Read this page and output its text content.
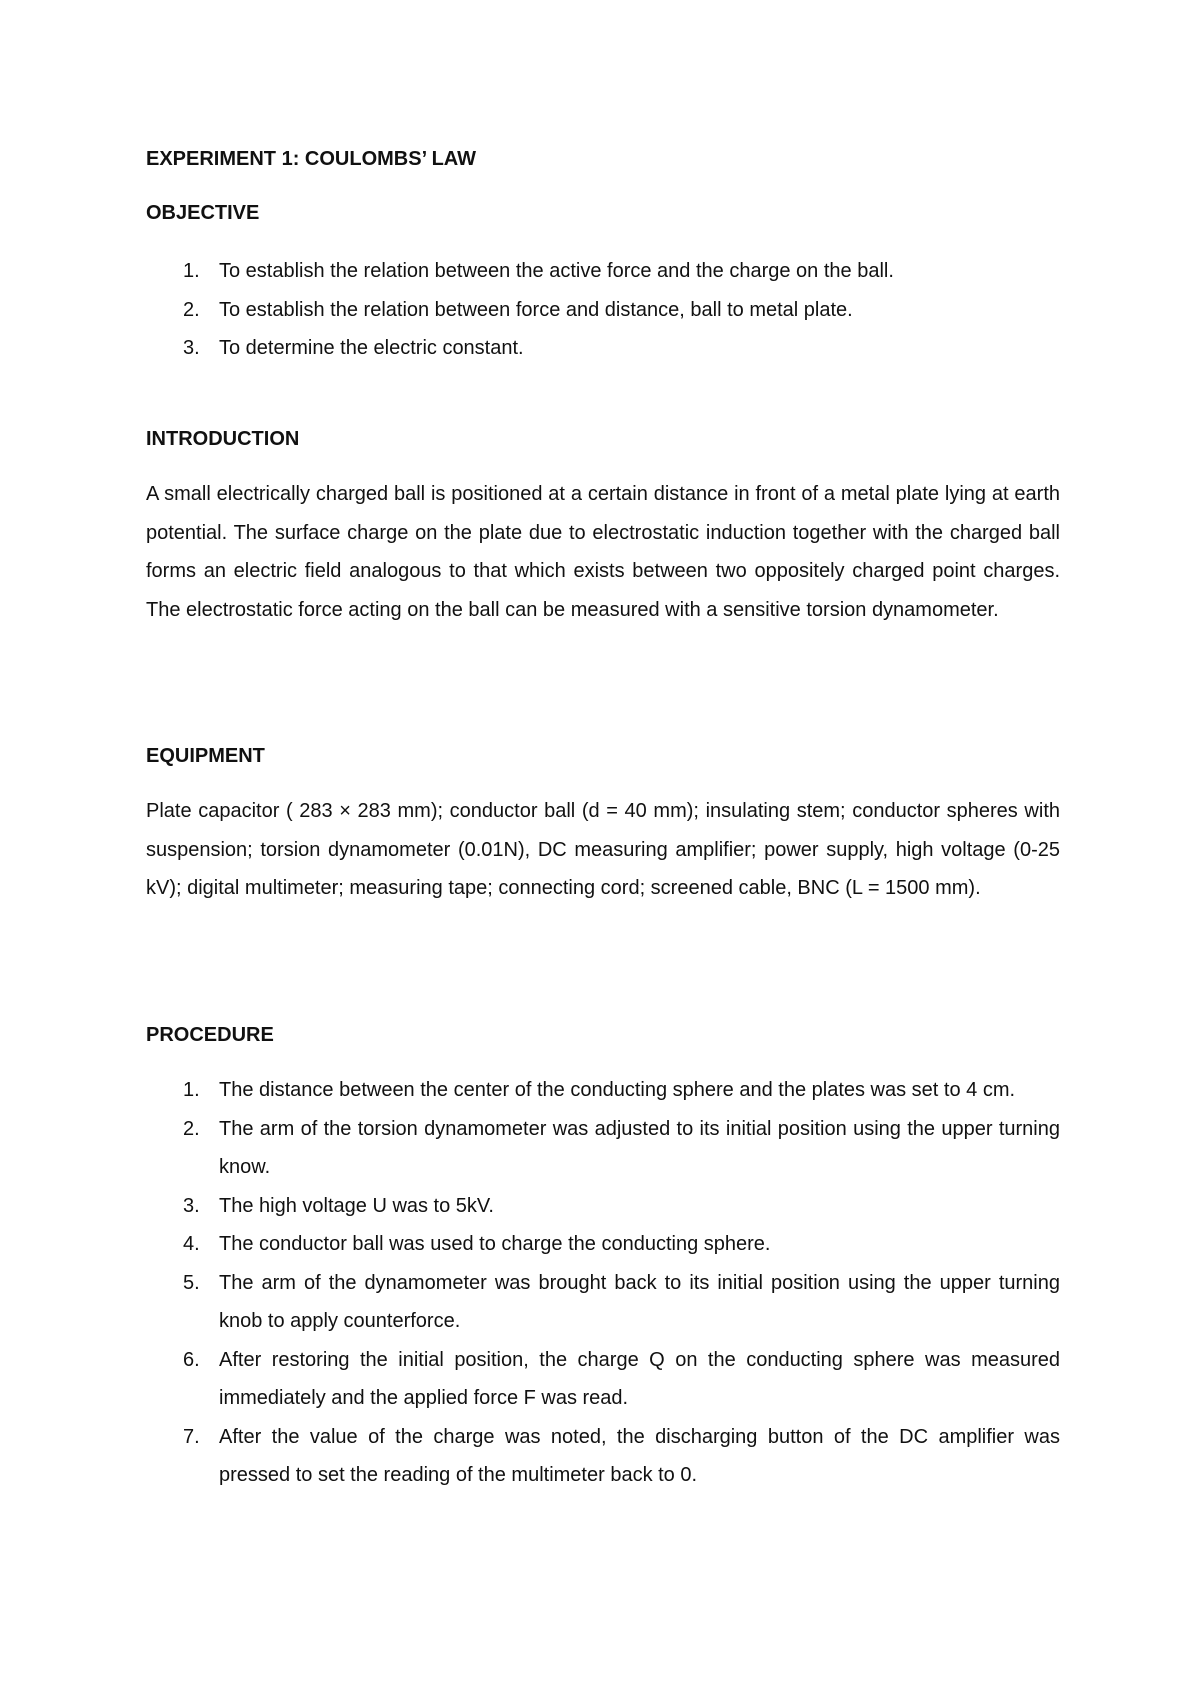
EXPERIMENT 1: COULOMBS’ LAW
OBJECTIVE
1. To establish the relation between the active force and the charge on the ball.
2. To establish the relation between force and distance, ball to metal plate.
3. To determine the electric constant.
INTRODUCTION

A small electrically charged ball is positioned at a certain distance in front of a metal plate lying at earth potential. The surface charge on the plate due to electrostatic induction together with the charged ball forms an electric field analogous to that which exists between two oppositely charged point charges. The electrostatic force acting on the ball can be measured with a sensitive torsion dynamometer.

EQUIPMENT

Plate capacitor ( 283 × 283 mm); conductor ball (d = 40 mm); insulating stem; conductor spheres with suspension; torsion dynamometer (0.01N), DC measuring amplifier; power supply, high voltage (0-25 kV); digital multimeter; measuring tape; connecting cord; screened cable, BNC (L = 1500 mm).

PROCEDURE
1. The distance between the center of the conducting sphere and the plates was set to 4 cm.
2. The arm of the torsion dynamometer was adjusted to its initial position using the upper turning know.
3. The high voltage U was to 5kV.
4. The conductor ball was used to charge the conducting sphere.
5. The arm of the dynamometer was brought back to its initial position using the upper turning knob to apply counterforce.
6. After restoring the initial position, the charge Q on the conducting sphere was measured immediately and the applied force F was read.
7. After the value of the charge was noted, the discharging button of the DC amplifier was pressed to set the reading of the multimeter back to 0.
